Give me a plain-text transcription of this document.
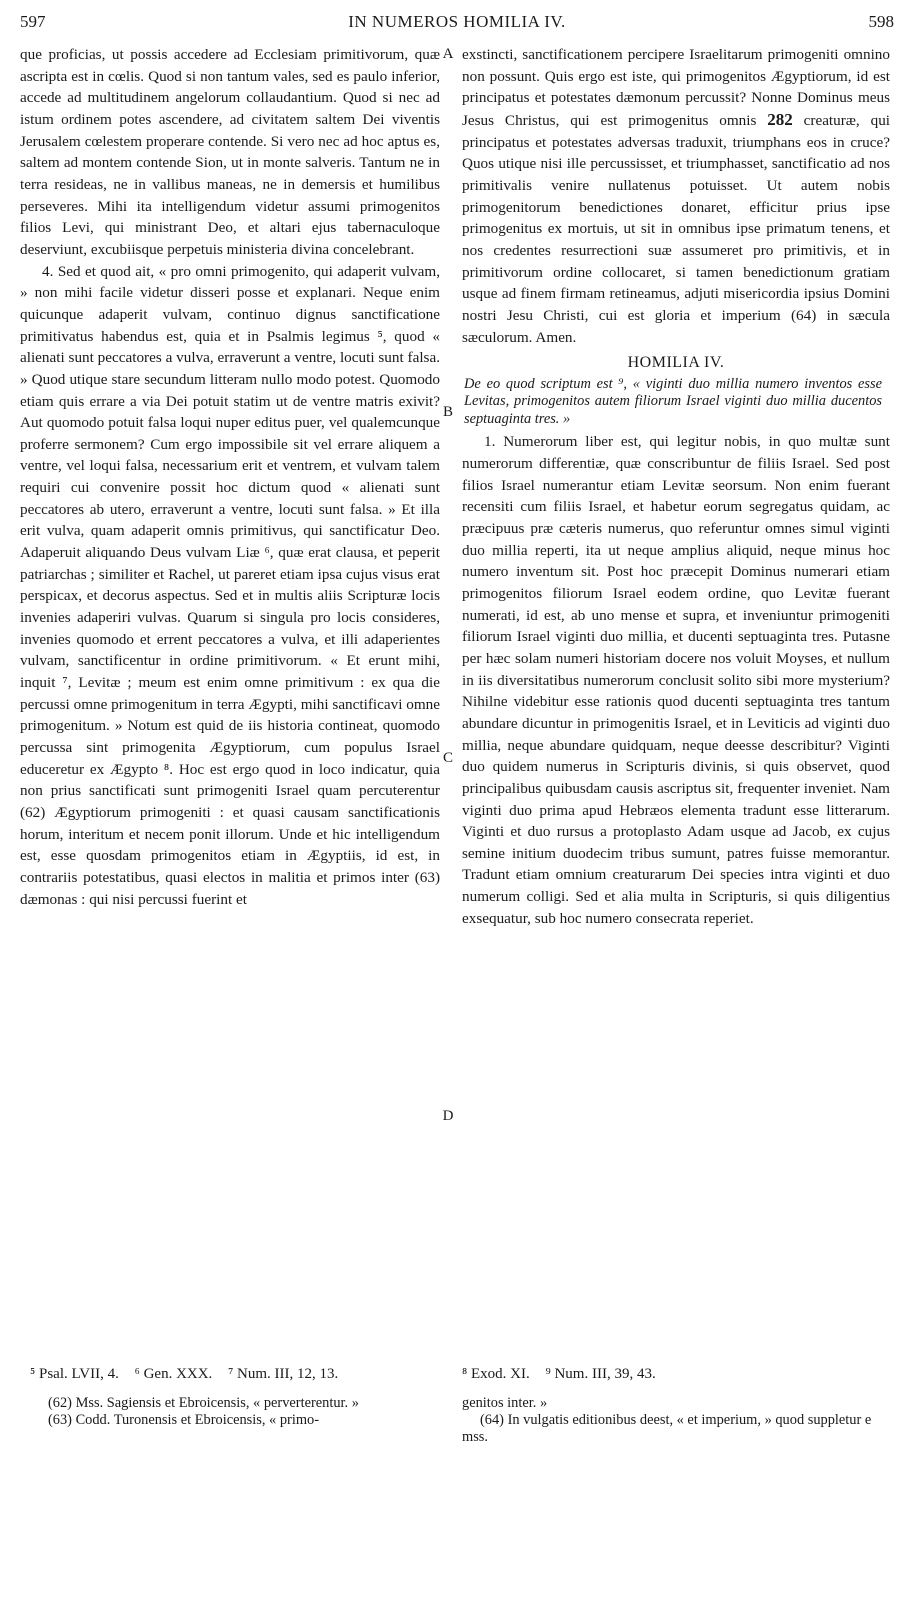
597	IN NUMEROS HOMILIA IV.	598

que proficias, ut possis accedere ad Ecclesiam primitivorum, quæ ascripta est in cœlis. Quod si non tantum vales, sed es paulo inferior, accede ad multitudinem angelorum collaudantium. Quod si nec ad istum ordinem potes ascendere, ad civitatem saltem Dei viventis Jerusalem cœlestem properare contende. Si vero nec ad hoc aptus es, saltem ad montem contende Sion, ut in monte salveris. Tantum ne in terra resideas, ne in vallibus maneas, ne in demersis et humilibus perseveres. Mihi ita intelligendum videtur assumi primogenitos filios Levi, qui ministrant Deo, et altari ejus tabernaculoque deserviunt, excubiisque perpetuis ministeria divina concelebrant.

4. Sed et quod ait, « pro omni primogenito, qui adaperit vulvam, » non mihi facile videtur disseri posse et explanari. Neque enim quicunque adaperit vulvam, continuo dignus sanctificatione primitivatus habendus est, quia et in Psalmis legimus ⁵, quod « alienati sunt peccatores a vulva, erraverunt a ventre, locuti sunt falsa. » Quod utique stare secundum litteram nullo modo potest. Quomodo etiam quis errare a via Dei potuit statim ut de ventre matris exivit? Aut quomodo potuit falsa loqui nuper editus puer, vel qualemcunque proferre sermonem? Cum ergo impossibile sit vel errare aliquem a ventre, vel loqui falsa, necessarium erit et ventrem, et vulvam talem requiri cui convenire possit hoc dictum quod « alienati sunt peccatores ab utero, erraverunt a ventre, locuti sunt falsa. » Et illa erit vulva, quam adaperit omnis primitivus, qui sanctificatur Deo. Adaperuit aliquando Deus vulvam Liæ ⁶, quæ erat clausa, et peperit patriarchas ; similiter et Rachel, ut pareret etiam ipsa cujus visus erat perspicax, et decorus aspectus. Sed et in multis aliis Scripturæ locis invenies adaperiri vulvas. Quarum si singula pro locis consideres, invenies quomodo et errent peccatores a vulva, et illi adaperientes vulvam, sanctificentur in ordine primitivorum. « Et erunt mihi, inquit ⁷, Levitæ ; meum est enim omne primitivum : ex qua die percussi omne primogenitum in terra Ægypti, mihi sanctificavi omne primogenitum. » Notum est quid de iis historia contineat, quomodo percussa sint primogenita Ægyptiorum, cum populus Israel educeretur ex Ægypto ⁸. Hoc est ergo quod in loco indicatur, quia non prius sanctificati sunt primogeniti Israel quam percuterentur (62) Ægyptiorum primogeniti : et quasi causam sanctificationis horum, interitum et necem ponit illorum. Unde et hic intelligendum est, esse quosdam primogenitos etiam in Ægyptiis, id est, in contrariis potestatibus, quasi electos in malitia et primos inter (63) dæmonas : qui nisi percussi fuerint et

A
B
C
D

exstincti, sanctificationem percipere Israelitarum primogeniti omnino non possunt. Quis ergo est iste, qui primogenitos Ægyptiorum, id est principatus et potestates dæmonum percussit? Nonne Dominus meus Jesus Christus, qui est primogenitus omnis 282 creaturæ, qui principatus et potestates adversas traduxit, triumphans eos in cruce? Quos utique nisi ille percussisset, et triumphasset, sanctificatio ad nos primitivalis venire nullatenus potuisset. Ut autem nobis primogenitorum benedictiones donaret, efficitur prius ipse primogenitus ex mortuis, ut sit in omnibus ipse primatum tenens, et nos credentes resurrectioni suæ assumeret pro primitivis, et in primitivorum ordine collocaret, si tamen benedictionum gratiam usque ad finem firmam retineamus, adjuti misericordia ipsius Domini nostri Jesu Christi, cui est gloria et imperium (64) in sæcula sæculorum. Amen.

HOMILIA IV.

De eo quod scriptum est ⁹, « viginti duo millia numero inventos esse Levitas, primogenitos autem filiorum Israel viginti duo millia ducentos septuaginta tres. »

1. Numerorum liber est, qui legitur nobis, in quo multæ sunt numerorum differentiæ, quæ conscribuntur de filiis Israel. Sed post filios Israel numerantur etiam Levitæ seorsum. Non enim fuerant recensiti cum filiis Israel, et habetur eorum segregatus quidam, ac præcipuus præ cæteris numerus, quo referuntur omnes simul viginti duo millia reperti, ita ut neque amplius aliquid, neque minus hoc numero inventum sit. Post hoc præcepit Dominus numerari etiam primogenitos filiorum Israel eodem ordine, quo Levitæ fuerant numerati, id est, ab uno mense et supra, et inveniuntur primogeniti filiorum Israel viginti duo millia, et ducenti septuaginta tres. Putasne per hæc solam numeri historiam docere nos voluit Moyses, et nullum in iis diversitatibus numerorum conclusit solito sibi more mysterium? Nihilne videbitur esse rationis quod ducenti septuaginta tres tantum abundare dicuntur in primogenitis Israel, et in Leviticis ad viginti duo millia, neque abundare quidquam, neque deesse describitur? Viginti duo quidem numerus in Scripturis divinis, si quis observet, quod principalibus quibusdam causis ascriptus sit, frequenter inveniet. Nam viginti duo prima apud Hebræos elementa tradunt esse litterarum. Viginti et duo rursus a protoplasto Adam usque ad Jacob, ex cujus semine initium duodecim tribus sumunt, patres fuisse memorantur. Tradunt etiam omnium creaturarum Dei species intra viginti et duo numerum colligi. Sed et alia multa in Scripturis, si quis diligentius exsequatur, sub hoc numero consecrata reperiet.

⁵ Psal. LVII, 4. ⁶ Gen. XXX. ⁷ Num. III, 12, 13.

(62) Mss. Sagiensis et Ebroicensis, « perverterentur. »

(63) Codd. Turonensis et Ebroicensis, « primo-

⁸ Exod. XI. ⁹ Num. III, 39, 43.

genitos inter. »

(64) In vulgatis editionibus deest, « et imperium, » quod suppletur e mss.
